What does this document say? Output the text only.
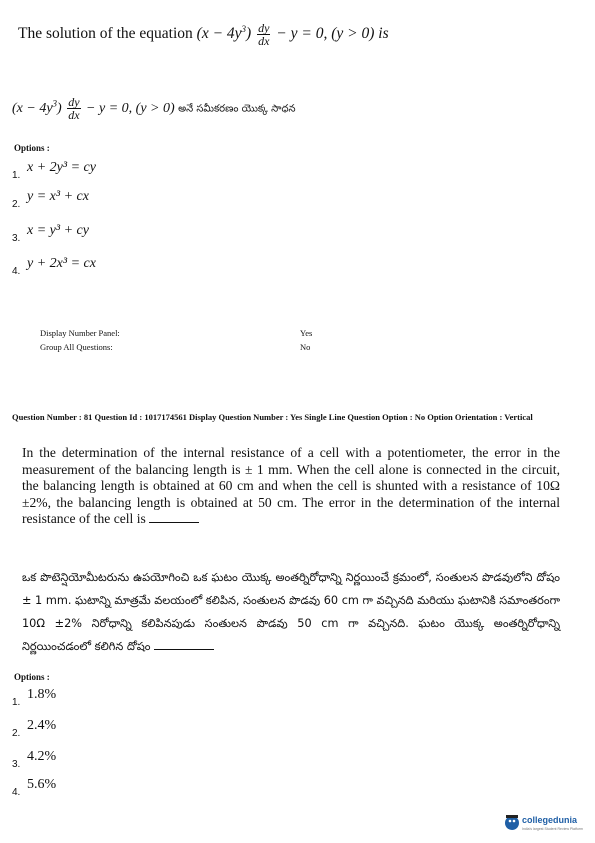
The solution of the equation $(x - 4y^3) \frac{dy}{dx} - y = 0$, (y > 0) is
$(x - 4y^3) \frac{dy}{dx} - y = 0$, (y > 0) అనే సమీకరణం యొక్క సాధన
Options :
1.
x + 2y³ = cy
2.
y = x³ + cx
3.
x = y³ + cy
4.
y + 2x³ = cx
Display Number Panel:	Yes
Group All Questions:	No
Question Number : 81 Question Id : 1017174561 Display Question Number : Yes Single Line Question Option : No Option Orientation : Vertical
In the determination of the internal resistance of a cell with a potentiometer, the error in the measurement of the balancing length is ± 1 mm. When the cell alone is connected in the circuit, the balancing length is obtained at 60 cm and when the cell is shunted with a resistance of 10Ω ±2%, the balancing length is obtained at 50 cm. The error in the determination of the internal resistance of the cell is
ఒక పొటెన్షియోమీటరును ఉపయోగించి ఒక ఘటం యొక్క అంతర్నిరోధాన్ని నిర్ణయించే క్రమంలో, సంతులన పొడవులోని దోషం ± 1 mm. ఘటాన్ని మాత్రమే వలయంలో కలిపిన, సంతులన పొడవు 60 cm గా వచ్చినది మరియు ఘటానికి సమాంతరంగా 10Ω ±2% నిరోధాన్ని కలిపినపుడు సంతులన పొడవు 50 cm గా వచ్చినది. ఘటం యొక్క అంతర్నిరోధాన్ని నిర్ణయించడంలో కలిగిన దోషం
Options :
1.
1.8%
2.
2.4%
3.
4.2%
4.
5.6%
collegedunia
India's largest Student Review Platform
